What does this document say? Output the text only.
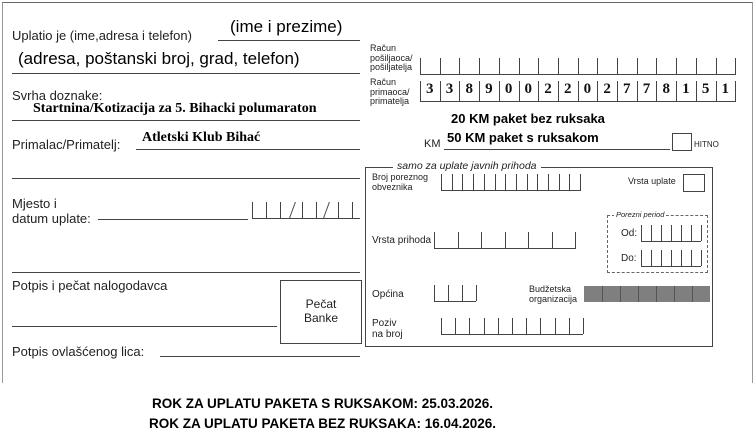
Uplatio je (ime,adresa i telefon) (ime i prezime)
(adresa, poštanski broj, grad, telefon)
Svrha doznake:
Startnina/Kotizacija za 5. Bihacki polumaraton
Primalac/Primatelj: Atletski Klub Bihać
Mjesto i
datum uplate:
Potpis i pečat nalogodavca
Pečat
Banke
Potpis ovlašćenog lica:
Račun
pošiljaoca/
pošiljatelja
Račun
primaoca/
primatelja
3 3 8 9 0 0 2 2 0 2 7 7 8 1 5 1
20 KM paket bez ruksaka
50 KM paket s ruksakom
KM	HITNO
samo za uplate javnih prihoda
Broj poreznog
obveznika
Vrsta uplate
Porezni period
Od:
Do:
Vrsta prihoda
Općina	Budžetska
organizacija
Poziv
na broj
ROK ZA UPLATU PAKETA S RUKSAKOM: 25.03.2026.
ROK ZA UPLATU PAKETA BEZ RUKSAKA: 16.04.2026.
